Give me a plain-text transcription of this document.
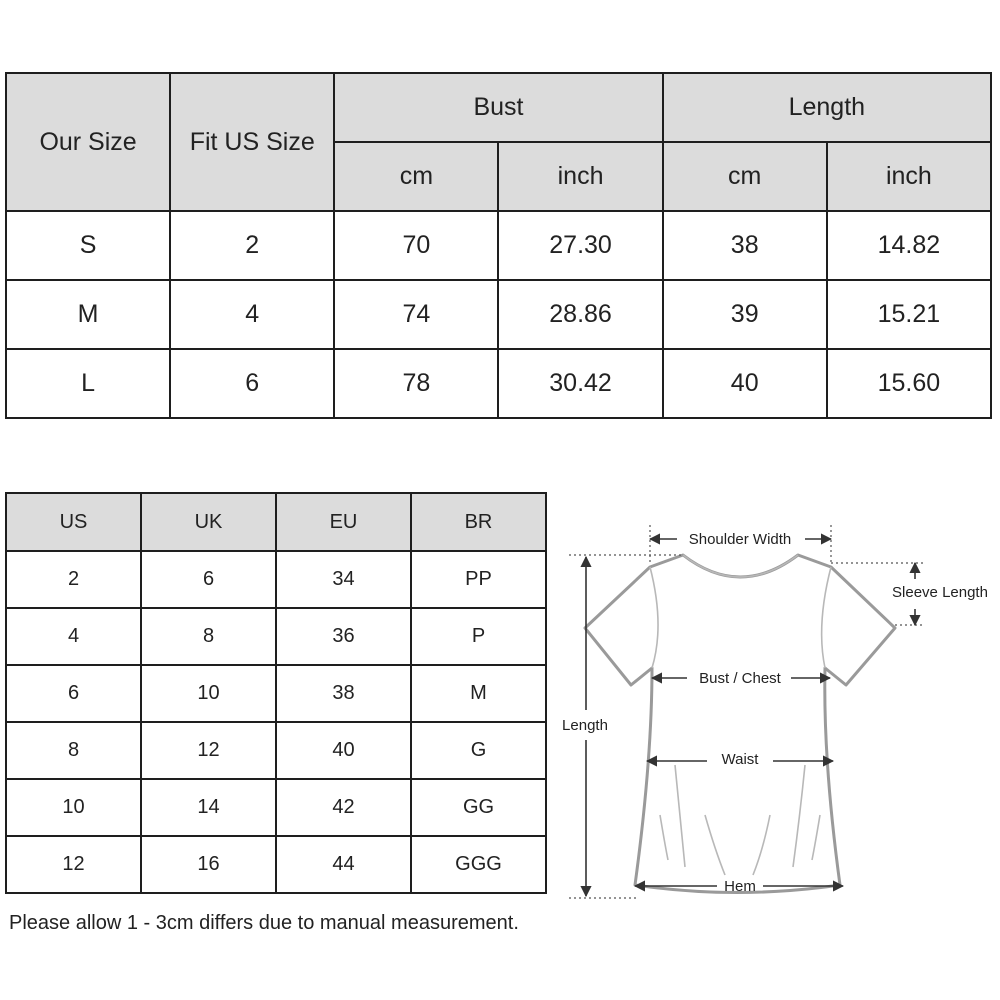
Our Size	Fit US Size	Bust		Length	
		cm	inch	cm	inch
S	2	70	27.30	38	14.82
M	4	74	28.86	39	15.21
L	6	78	30.42	40	15.60
US	UK	EU	BR
2	6	34	PP
4	8	36	P
6	10	38	M
8	12	40	G
10	14	42	GG
12	16	44	GGG

Please allow 1 - 3cm differs due to manual measurement.

Shoulder Width
Sleeve Length
Bust / Chest
Waist
Hem
Length
